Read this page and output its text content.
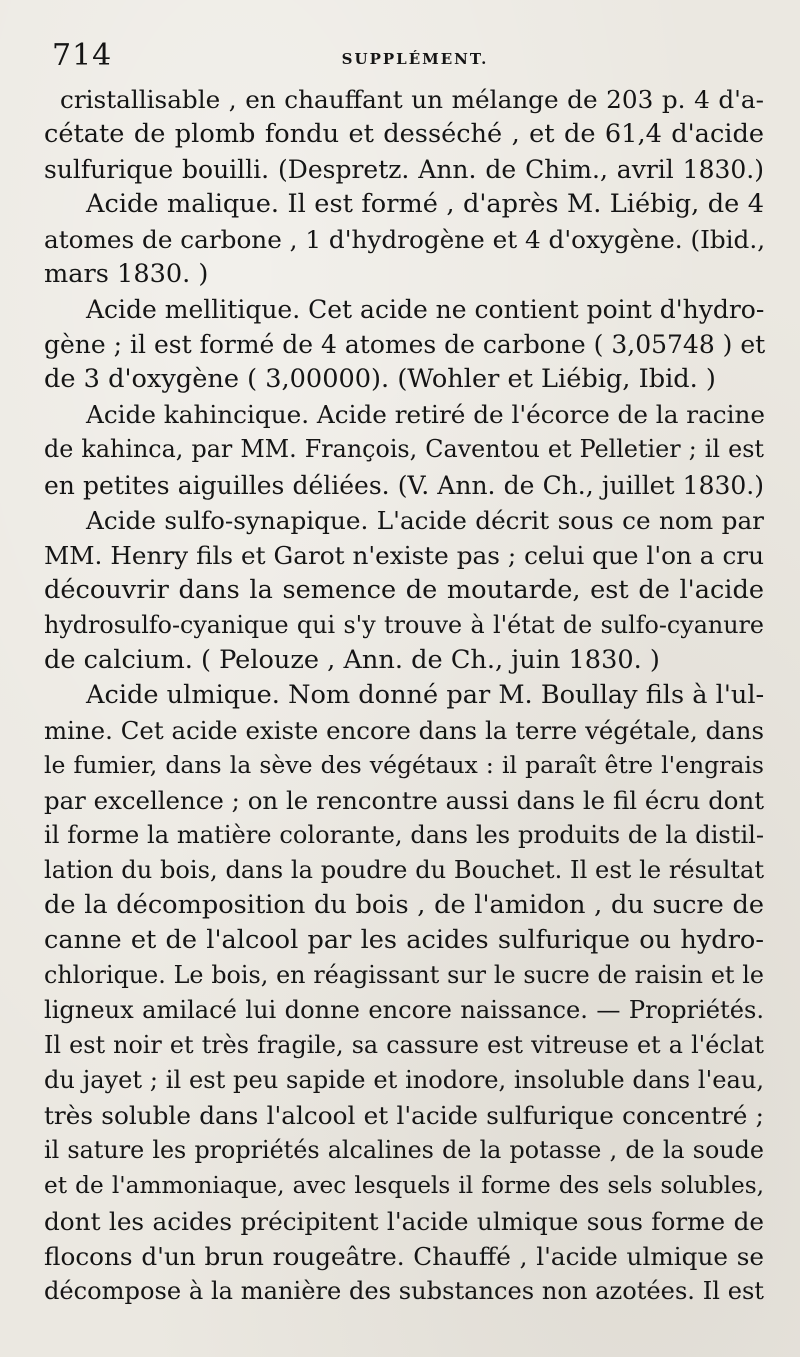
714	SUPPLÉMENT.
cristallisable , en chauffant un mélange de 203 p. 4 d'a-
cétate de plomb fondu et desséché , et de 61,4 d'acide
sulfurique bouilli. (Despretz. Ann. de Chim., avril 1830.)
Acide malique. Il est formé , d'après M. Liébig, de 4
atomes de carbone , 1 d'hydrogène et 4 d'oxygène. (Ibid.,
mars 1830. )
Acide mellitique. Cet acide ne contient point d'hydro-
gène ; il est formé de 4 atomes de carbone ( 3,05748 ) et
de 3 d'oxygène ( 3,00000). (Wohler et Liébig, Ibid. )
Acide kahincique. Acide retiré de l'écorce de la racine
de kahinca, par MM. François, Caventou et Pelletier ; il est
en petites aiguilles déliées. (V. Ann. de Ch., juillet 1830.)
Acide sulfo-synapique. L'acide décrit sous ce nom par
MM. Henry fils et Garot n'existe pas ; celui que l'on a cru
découvrir dans la semence de moutarde, est de l'acide
hydrosulfo-cyanique qui s'y trouve à l'état de sulfo-cyanure
de calcium. ( Pelouze , Ann. de Ch., juin 1830. )
Acide ulmique. Nom donné par M. Boullay fils à l'ul-
mine. Cet acide existe encore dans la terre végétale, dans
le fumier, dans la sève des végétaux : il paraît être l'engrais
par excellence ; on le rencontre aussi dans le fil écru dont
il forme la matière colorante, dans les produits de la distil-
lation du bois, dans la poudre du Bouchet. Il est le résultat
de la décomposition du bois , de l'amidon , du sucre de
canne et de l'alcool par les acides sulfurique ou hydro-
chlorique. Le bois, en réagissant sur le sucre de raisin et le
ligneux amilacé lui donne encore naissance. — Propriétés.
Il est noir et très fragile, sa cassure est vitreuse et a l'éclat
du jayet ; il est peu sapide et inodore, insoluble dans l'eau,
très soluble dans l'alcool et l'acide sulfurique concentré ;
il sature les propriétés alcalines de la potasse , de la soude
et de l'ammoniaque, avec lesquels il forme des sels solubles,
dont les acides précipitent l'acide ulmique sous forme de
flocons d'un brun rougeâtre. Chauffé , l'acide ulmique se
décompose à la manière des substances non azotées. Il est
